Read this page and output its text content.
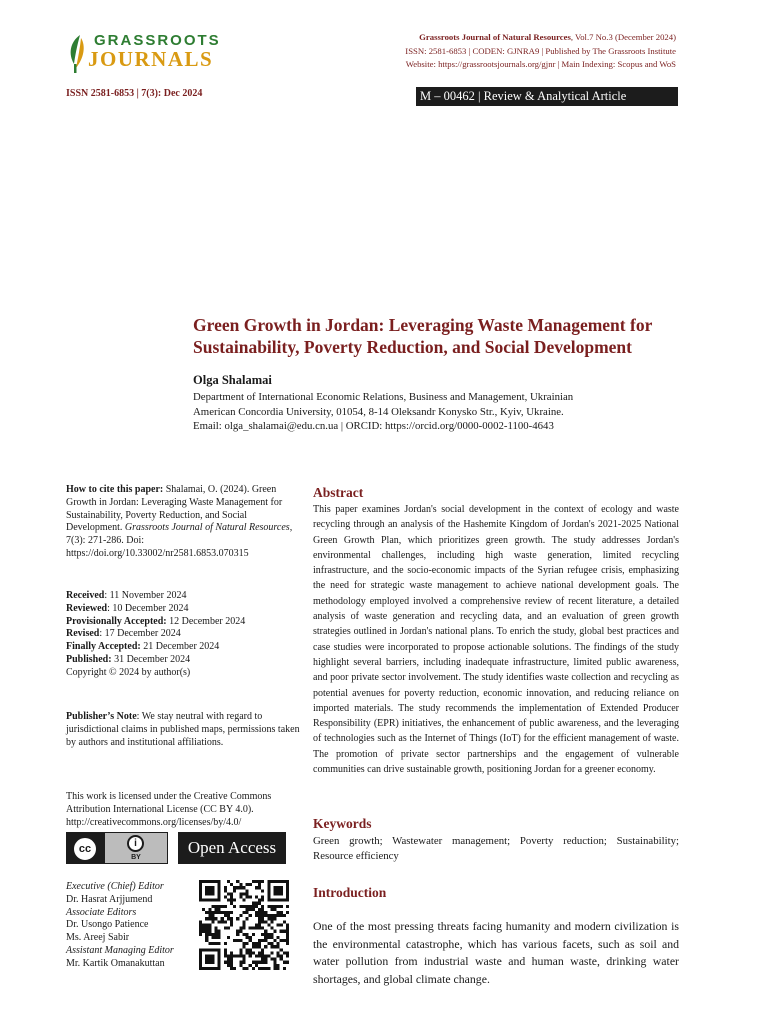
GRASSROOTS
JOURNALS
Grassroots Journal of Natural Resources, Vol.7 No.3 (December 2024)
ISSN: 2581-6853 | CODEN: GJNRA9 | Published by The Grassroots Institute
Website: https://grassrootsjournals.org/gjnr | Main Indexing: Scopus and WoS
ISSN 2581-6853 | 7(3): Dec 2024	M – 00462 | Review & Analytical Article
Green Growth in Jordan: Leveraging Waste Management for Sustainability, Poverty Reduction, and Social Development
Olga Shalamai
Department of International Economic Relations, Business and Management, Ukrainian
American Concordia University, 01054, 8-14 Oleksandr Konysko Str., Kyiv, Ukraine.
Email: olga_shalamai@edu.cn.ua | ORCID: https://orcid.org/0000-0002-1100-4643
How to cite this paper: Shalamai, O. (2024). Green Growth in Jordan: Leveraging Waste Management for Sustainability, Poverty Reduction, and Social Development. Grassroots Journal of Natural Resources, 7(3): 271-286. Doi: https://doi.org/10.33002/nr2581.6853.070315
Received: 11 November 2024
Reviewed: 10 December 2024
Provisionally Accepted: 12 December 2024
Revised: 17 December 2024
Finally Accepted: 21 December 2024
Published: 31 December 2024
Copyright © 2024 by author(s)
Publisher’s Note: We stay neutral with regard to jurisdictional claims in published maps, permissions taken by authors and institutional affiliations.
This work is licensed under the Creative Commons Attribution International License (CC BY 4.0).
http://creativecommons.org/licenses/by/4.0/
cc	i
BY
Open Access
Executive (Chief) Editor
Dr. Hasrat Arjjumend
Associate Editors
Dr. Usongo Patience
Ms. Areej Sabir
Assistant Managing Editor
Mr. Kartik Omanakuttan
Abstract
This paper examines Jordan's social development in the context of ecology and waste recycling through an analysis of the Hashemite Kingdom of Jordan's 2021-2025 National Green Growth Plan, which prioritizes green growth. The study addresses Jordan's environmental challenges, including high waste generation, limited recycling infrastructure, and the socio-economic impacts of the Syrian refugee crisis, emphasizing the need for strategic waste management to achieve national development goals. The methodology employed involved a comprehensive review of recent literature, a detailed analysis of waste generation and recycling data, and an evaluation of green growth strategies outlined in Jordan's national plans. To enrich the study, global best practices and case studies were incorporated to propose actionable solutions. The findings of the study highlight several barriers, including inadequate infrastructure, limited public awareness, and poor private sector involvement. The study identifies waste collection and recycling as potential avenues for poverty reduction, economic innovation, and reducing reliance on imported materials. The study recommends the implementation of Extended Producer Responsibility (EPR) initiatives, the enhancement of public awareness, and the leveraging of technologies such as the Internet of Things (IoT) for the efficient management of waste. The promotion of private sector partnerships and the engagement of vulnerable communities can drive sustainable growth, positioning Jordan for a greener economy.
Keywords
Green growth; Wastewater management; Poverty reduction; Sustainability; Resource efficiency
Introduction
One of the most pressing threats facing humanity and modern civilization is the environmental catastrophe, which has various facets, such as soil and water pollution from industrial waste and human waste, drinking water shortages, and global climate change.
